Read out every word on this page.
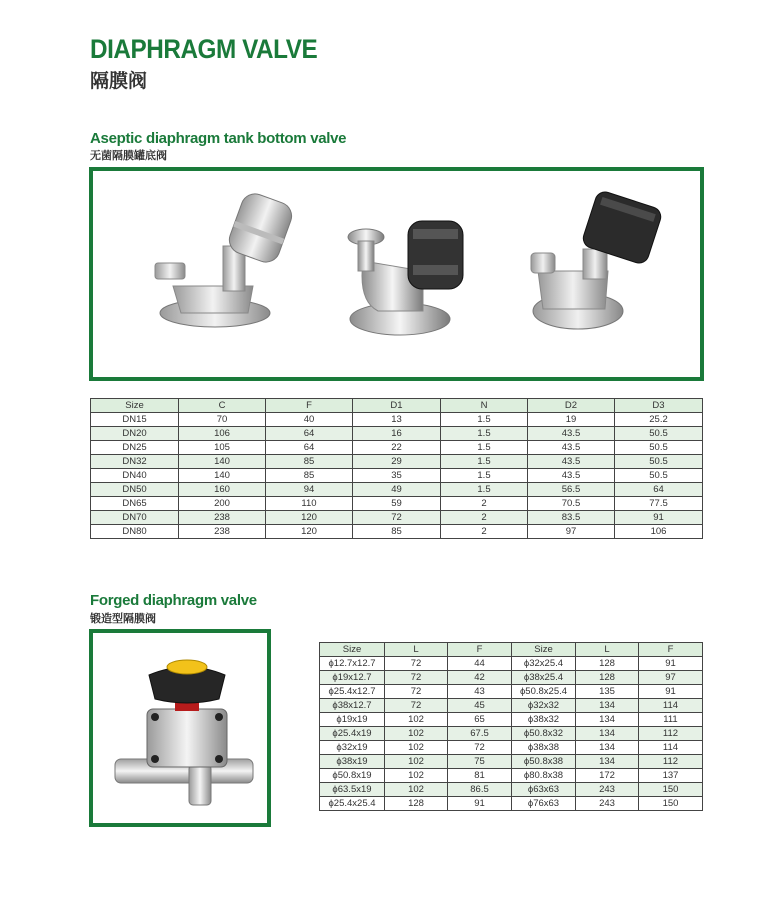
DIAPHRAGM VALVE
隔膜阀
Aseptic diaphragm tank bottom valve
无菌隔膜罐底阀
Size	C	F	D1	N	D2	D3
DN15	70	40	13	1.5	19	25.2
DN20	106	64	16	1.5	43.5	50.5
DN25	105	64	22	1.5	43.5	50.5
DN32	140	85	29	1.5	43.5	50.5
DN40	140	85	35	1.5	43.5	50.5
DN50	160	94	49	1.5	56.5	64
DN65	200	110	59	2	70.5	77.5
DN70	238	120	72	2	83.5	91
DN80	238	120	85	2	97	106
Forged diaphragm valve
锻造型隔膜阀
Size	L	F	Size	L	F
ϕ12.7x12.7	72	44	ϕ32x25.4	128	91
ϕ19x12.7	72	42	ϕ38x25.4	128	97
ϕ25.4x12.7	72	43	ϕ50.8x25.4	135	91
ϕ38x12.7	72	45	ϕ32x32	134	114
ϕ19x19	102	65	ϕ38x32	134	111
ϕ25.4x19	102	67.5	ϕ50.8x32	134	112
ϕ32x19	102	72	ϕ38x38	134	114
ϕ38x19	102	75	ϕ50.8x38	134	112
ϕ50.8x19	102	81	ϕ80.8x38	172	137
ϕ63.5x19	102	86.5	ϕ63x63	243	150
ϕ25.4x25.4	128	91	ϕ76x63	243	150
